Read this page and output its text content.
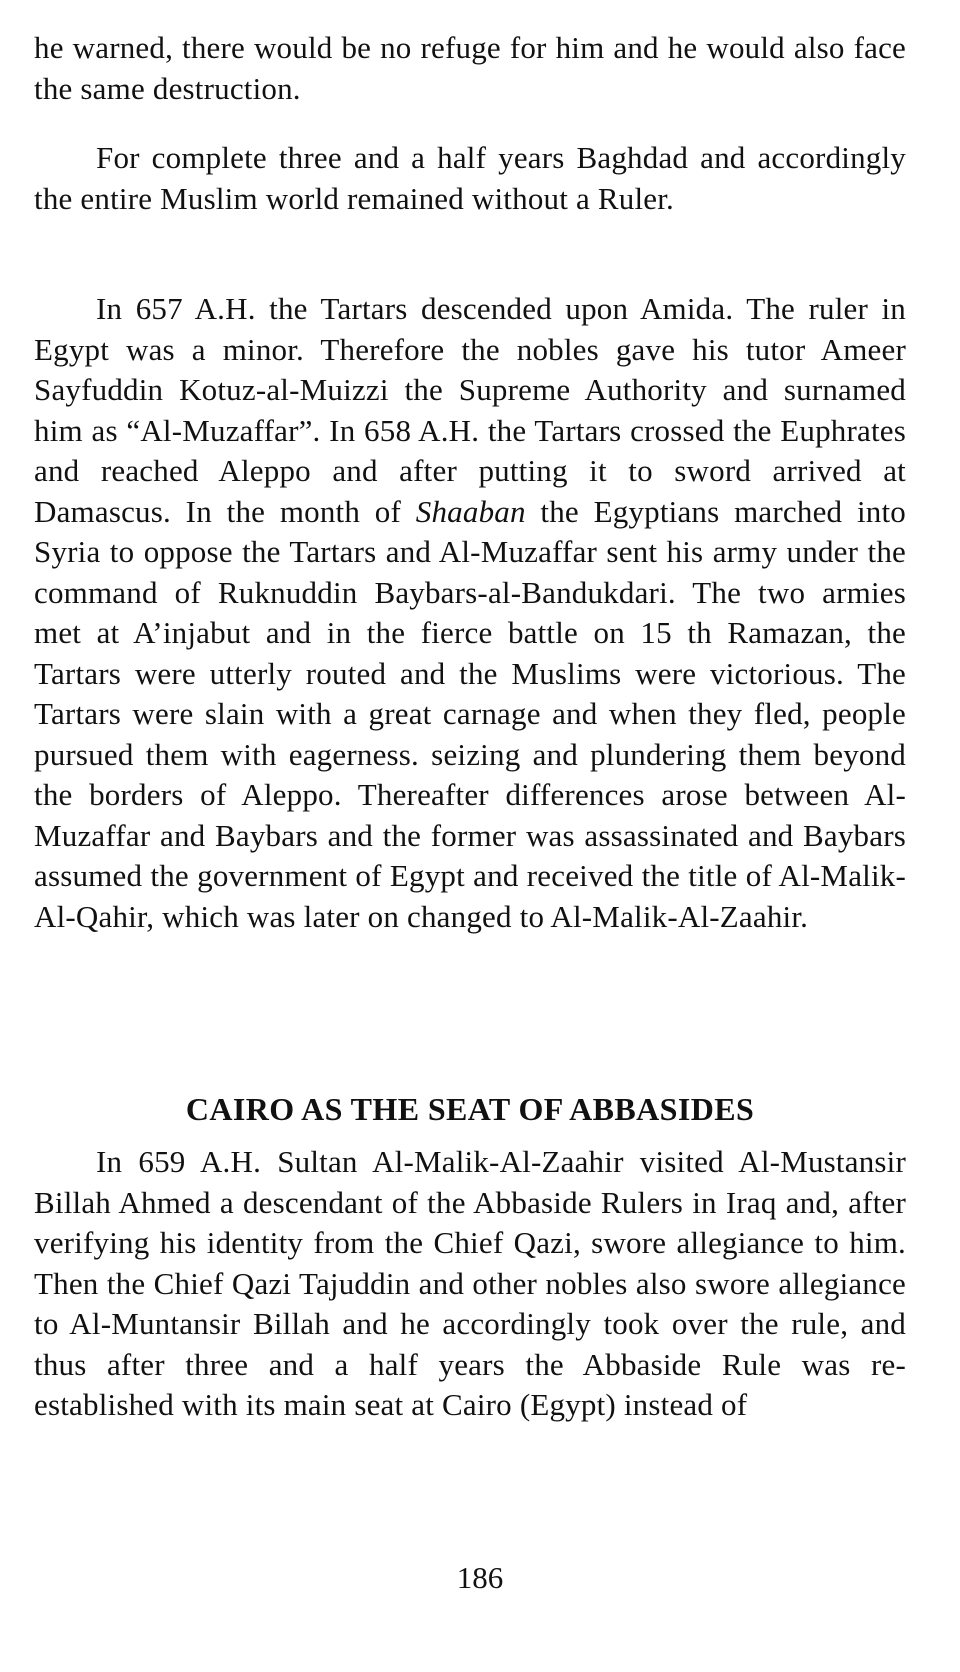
he warned, there would be no refuge for him and he would also face the same destruction.

For complete three and a half years Baghdad and accordingly the entire Muslim world remained without a Ruler.

In 657 A.H. the Tartars descended upon Amida. The ruler in Egypt was a minor. Therefore the nobles gave his tutor Ameer Sayfuddin Kotuz-al-Muizzi the Supreme Authority and surnamed him as “Al-Muzaffar”. In 658 A.H. the Tartars crossed the Euphrates and reached Aleppo and after putting it to sword arrived at Damascus. In the month of Shaaban the Egyptians marched into Syria to oppose the Tartars and Al-Muzaffar sent his army under the command of Ruknuddin Baybars-al-Bandukdari. The two armies met at A’injabut and in the fierce battle on 15 th Ramazan, the Tartars were utterly routed and the Muslims were victorious. The Tartars were slain with a great carnage and when they fled, people pursued them with eagerness. seizing and plundering them beyond the borders of Aleppo. Thereafter differences arose between Al-Muzaffar and Baybars and the former was assassinated and Baybars assumed the government of Egypt and received the title of Al-Malik-Al-Qahir, which was later on changed to Al-Malik-Al-Zaahir.

CAIRO AS THE SEAT OF ABBASIDES

In 659 A.H. Sultan Al-Malik-Al-Zaahir visited Al-Mustansir Billah Ahmed a descendant of the Abbaside Rulers in Iraq and, after verifying his identity from the Chief Qazi, swore allegiance to him. Then the Chief Qazi Tajuddin and other nobles also swore allegiance to Al-Muntansir Billah and he accordingly took over the rule, and thus after three and a half years the Abbaside Rule was re-established with its main seat at Cairo (Egypt) instead of

186
